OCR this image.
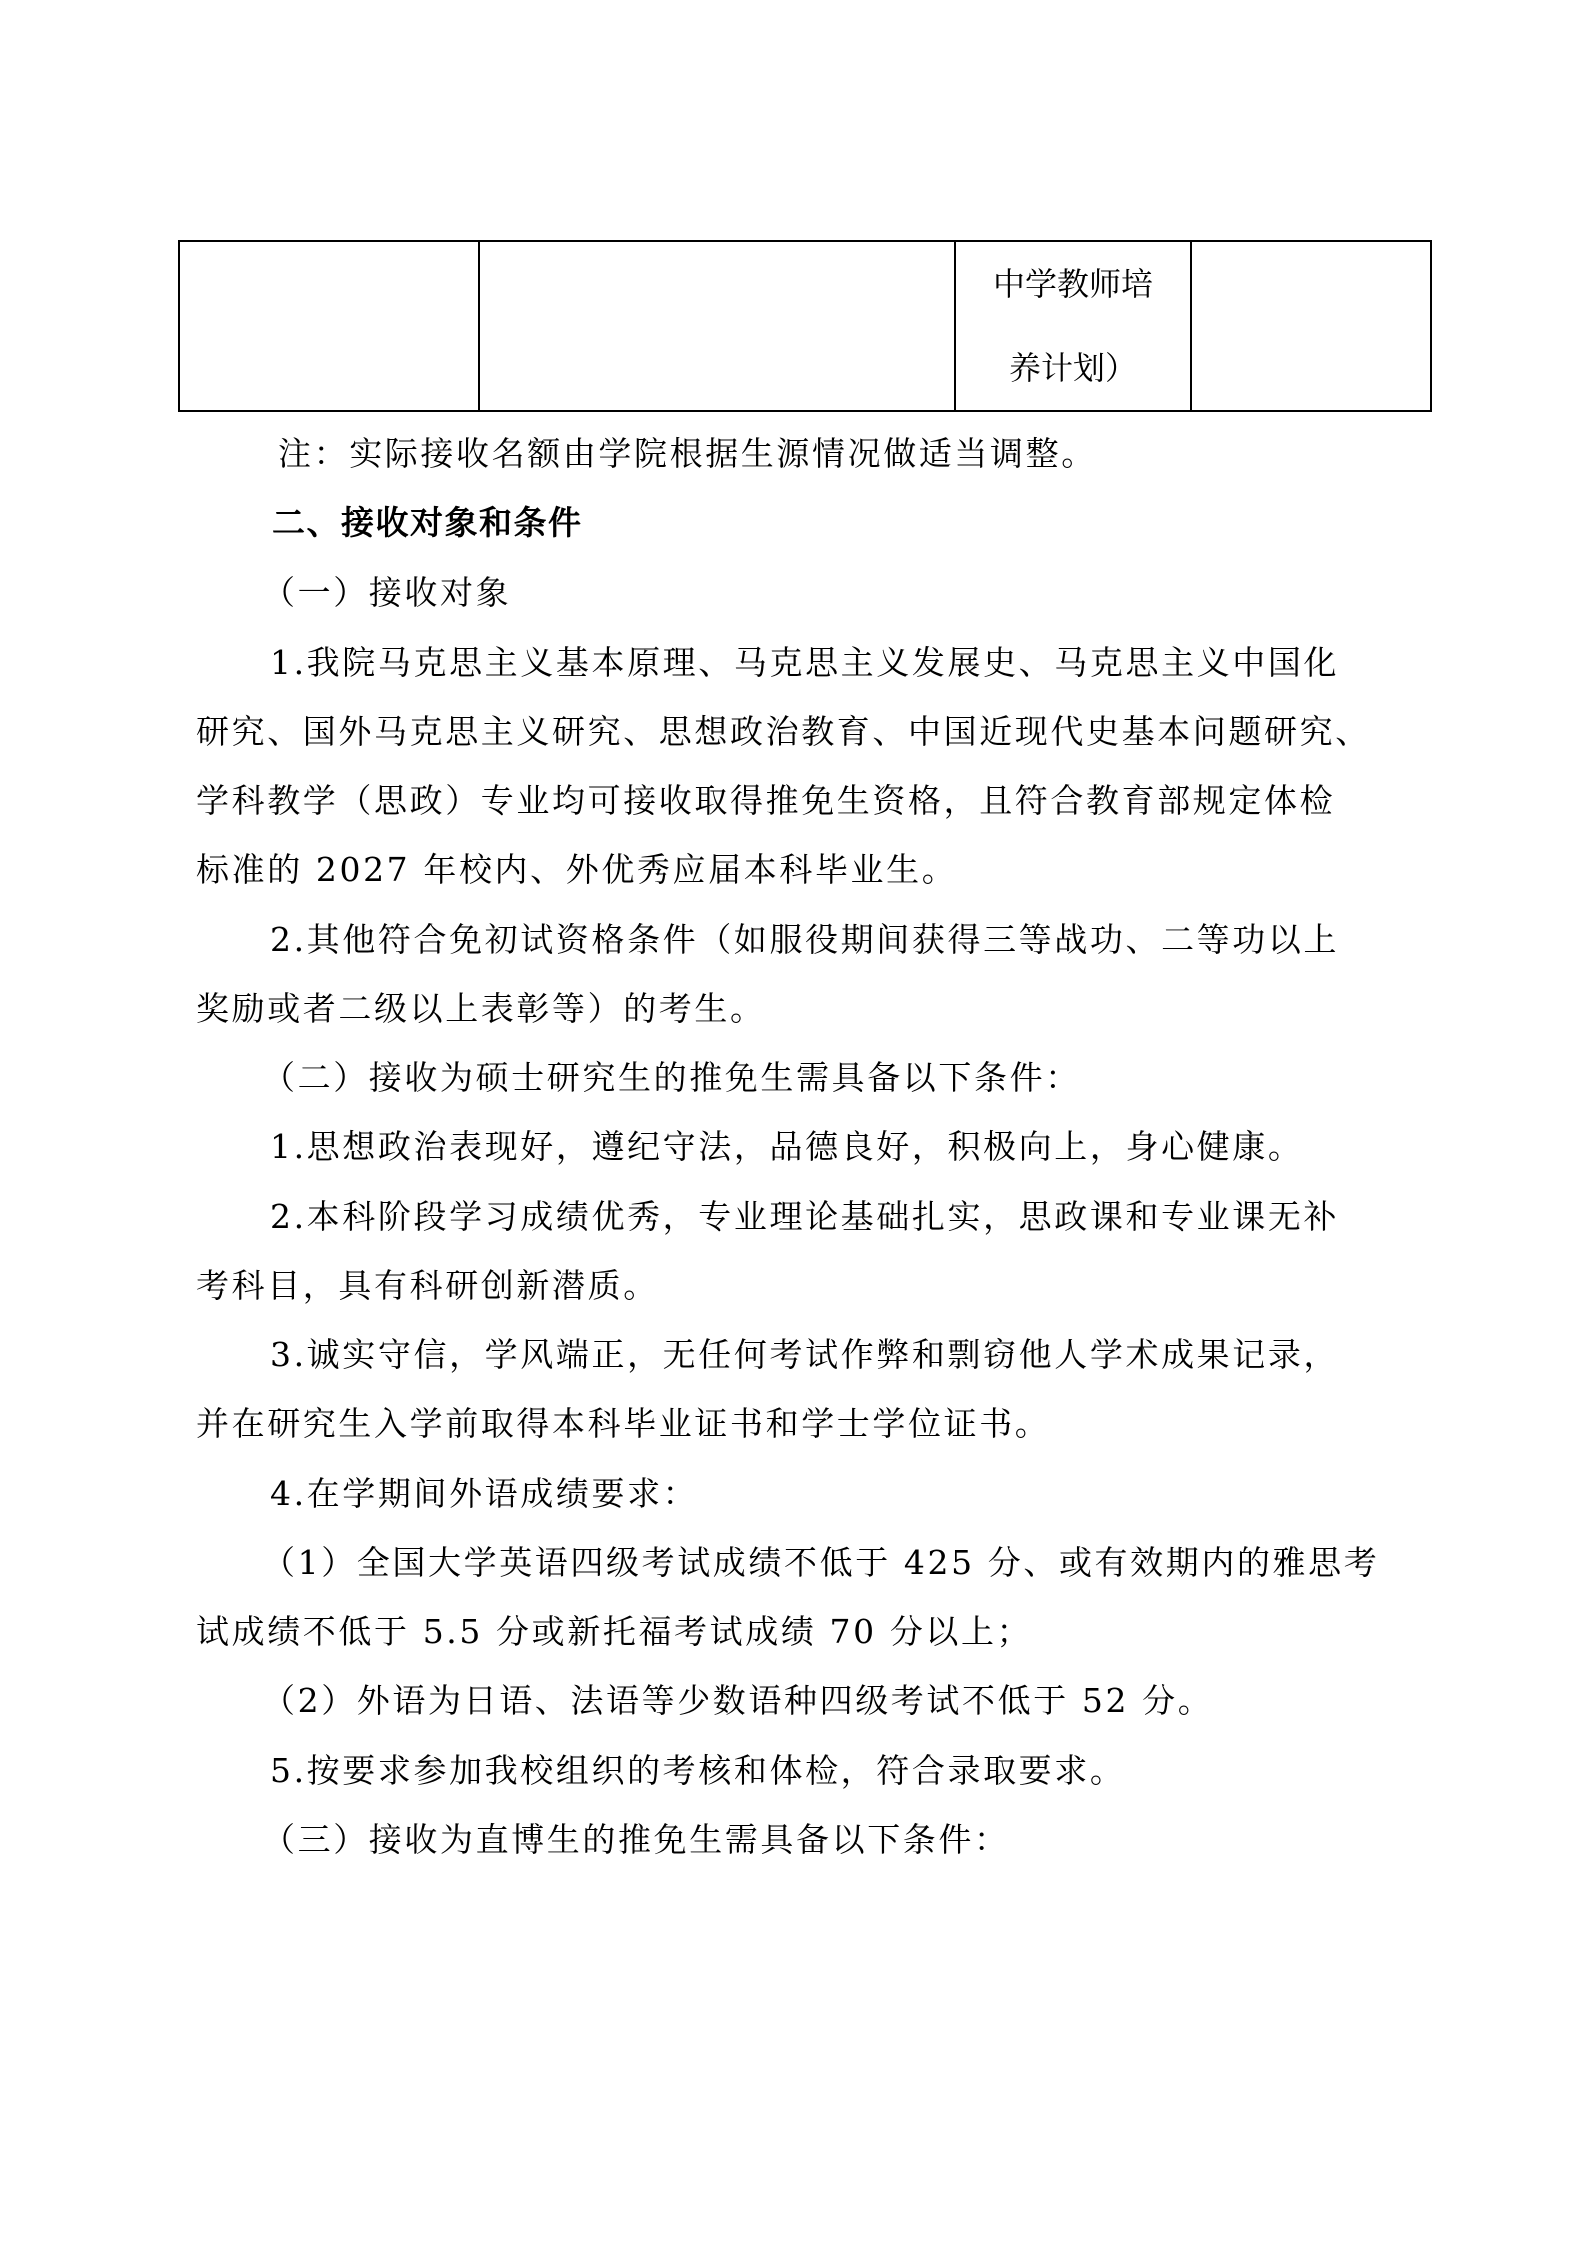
中学教师培
养计划）

注：实际接收名额由学院根据生源情况做适当调整。
二、接收对象和条件
（一）接收对象
1.我院马克思主义基本原理、马克思主义发展史、马克思主义中国化
研究、国外马克思主义研究、思想政治教育、中国近现代史基本问题研究、
学科教学（思政）专业均可接收取得推免生资格，且符合教育部规定体检
标准的 2027 年校内、外优秀应届本科毕业生。
2.其他符合免初试资格条件（如服役期间获得三等战功、二等功以上
奖励或者二级以上表彰等）的考生。
（二）接收为硕士研究生的推免生需具备以下条件：
1.思想政治表现好，遵纪守法，品德良好，积极向上，身心健康。
2.本科阶段学习成绩优秀，专业理论基础扎实，思政课和专业课无补
考科目，具有科研创新潜质。
3.诚实守信，学风端正，无任何考试作弊和剽窃他人学术成果记录，
并在研究生入学前取得本科毕业证书和学士学位证书。
4.在学期间外语成绩要求：
（1）全国大学英语四级考试成绩不低于 425 分、或有效期内的雅思考
试成绩不低于 5.5 分或新托福考试成绩 70 分以上；
（2）外语为日语、法语等少数语种四级考试不低于 52 分。
5.按要求参加我校组织的考核和体检，符合录取要求。
（三）接收为直博生的推免生需具备以下条件：
